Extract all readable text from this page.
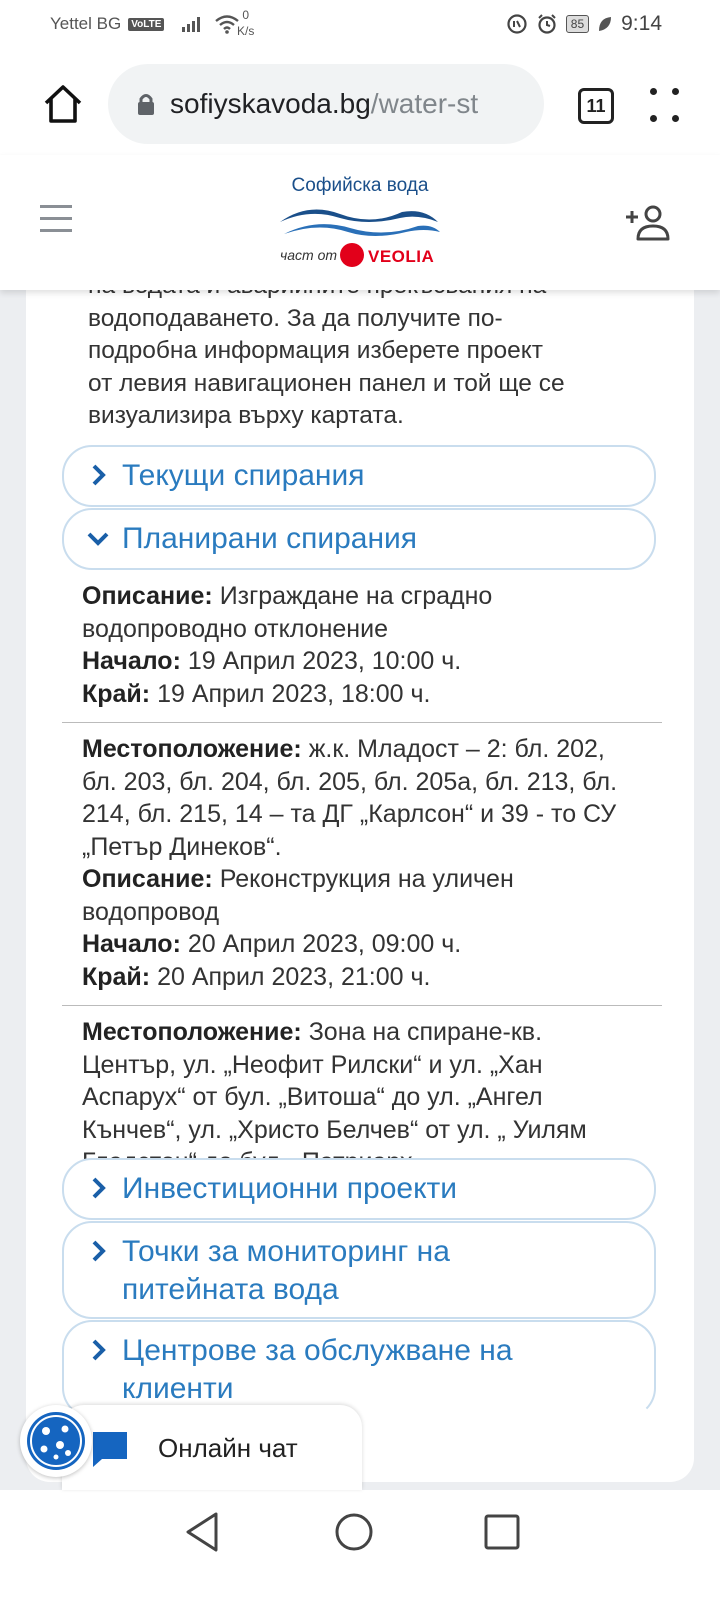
Yettel BG	VoLTE
0
K/s	85 9:14
sofiyskavoda.bg /water-st	11
Софийска вода
част от VEOLIA
водоподаването. За да получите по-
подробна информация изберете проект
от левия навигационен панел и той ще се
визуализира върху картата.
Текущи спирания
Планирани спирания
Описание: Изграждане на сградно водопроводно отклонение
Начало: 19 Април 2023, 10:00 ч.
Край: 19 Април 2023, 18:00 ч.
Местоположение: ж.к. Младост – 2: бл. 202, бл. 203, бл. 204, бл. 205, бл. 205а, бл. 213, бл. 214, бл. 215, 14 – та ДГ „Карлсон“ и 39 - то СУ „Петър Динеков“.
Описание: Реконструкция на уличен водопровод
Начало: 20 Април 2023, 09:00 ч.
Край: 20 Април 2023, 21:00 ч.
Местоположение: Зона на спиране-кв. Център, ул. „Неофит Рилски“ и ул. „Хан Аспарух“ от бул. „Витоша“ до ул. „Ангел Кънчев“, ул. „Христо Белчев“ от ул. „ Уилям
Инвестиционни проекти
Точки за мониторинг на
питейната вода
Центрове за обслужване на
клиенти
Онлайн чат
